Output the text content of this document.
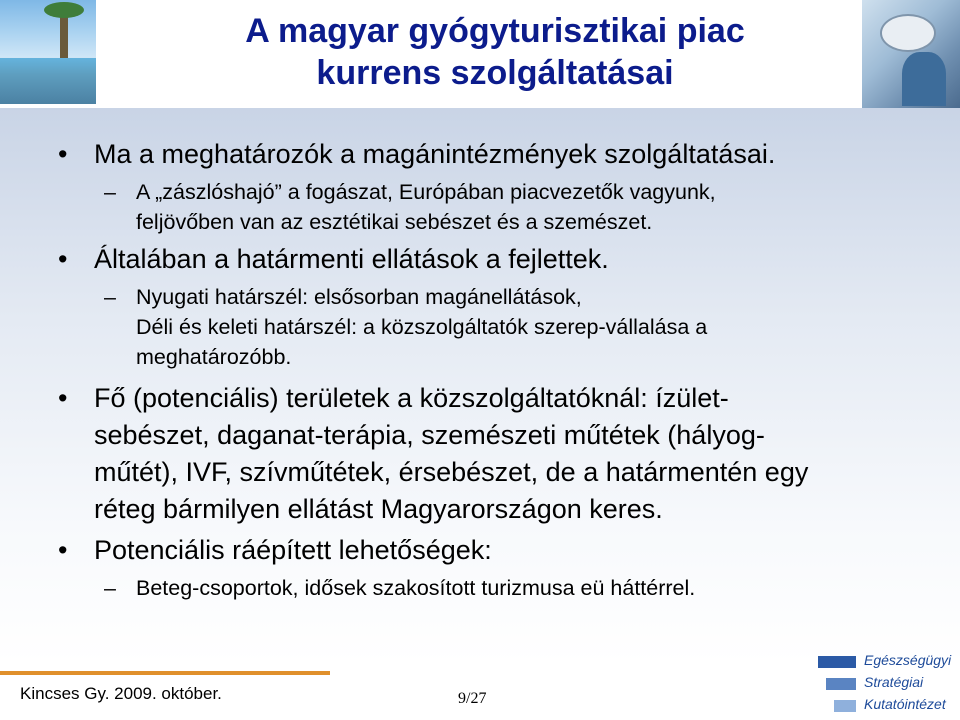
A magyar gyógyturisztikai piac
kurrens szolgáltatásai
• Ma a meghatározók a magánintézmények szolgáltatásai.
– A „zászlóshajó” a fogászat, Európában piacvezetők vagyunk,
feljövőben van az esztétikai sebészet és a szemészet.
• Általában a határmenti ellátások a fejlettek.
– Nyugati határszél: elsősorban magánellátások,
Déli és keleti határszél: a közszolgáltatók szerep-vállalása a meghatározóbb.
• Fő (potenciális) területek a közszolgáltatóknál: ízület-sebészet, daganat-terápia, szemészeti műtétek (hályog-műtét), IVF, szívműtétek, érsebészet, de a határmentén egy réteg bármilyen ellátást Magyarországon keres.
• Potenciális ráépített lehetőségek:
– Beteg-csoportok, idősek szakosított turizmusa eü háttérrel.
Kincses Gy. 2009. október.	9/27
Egészségügyi
Stratégiai
Kutatóintézet
